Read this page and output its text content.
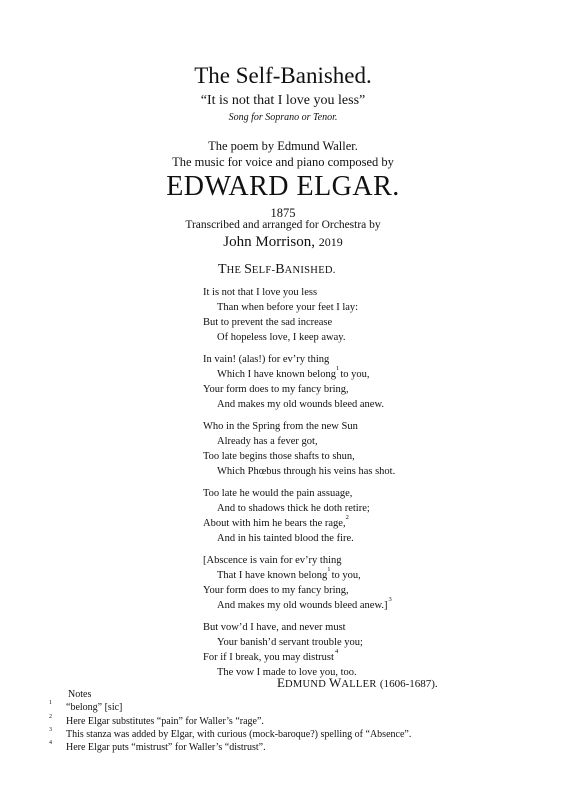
The Self-Banished.
“It is not that I love you less”
Song for Soprano or Tenor.
The poem by Edmund Waller.
The music for voice and piano composed by
EDWARD ELGAR.
1875
Transcribed and arranged for Orchestra by
John Morrison, 2019
THE SELF-BANISHED.
It is not that I love you less
Than when before your feet I lay:
But to prevent the sad increase
Of hopeless love, I keep away.
In vain! (alas!) for ev’ry thing
Which I have known belong
1
   to you,
Your form does to my fancy bring,
And makes my old wounds bleed anew.
Who in the Spring from the new Sun
Already has a fever got,
Too late begins those shafts to shun,
Which Phœbus through his veins has shot.
Too late he would the pain assuage,
And to shadows thick he doth retire;
About with him he bears the rage,
2
And in his tainted blood the fire.
[Abscence is vain for ev’ry thing
That I have known belong
1
   to you,
Your form does to my fancy bring,
And makes my old wounds bleed anew.]
3
But vow’d I have, and never must
Your banish’d servant trouble you;
For if I break, you may distrust
4
The vow I made to love you, too.
EDMUND WALLER (1606-1687).
Notes
1 “belong” [sic]
2 Here Elgar substitutes “pain” for Waller’s “rage”.
3 This stanza was added by Elgar, with curious (mock-baroque?) spelling of “Absence”.
4 Here Elgar puts “mistrust” for Waller’s “distrust”.
